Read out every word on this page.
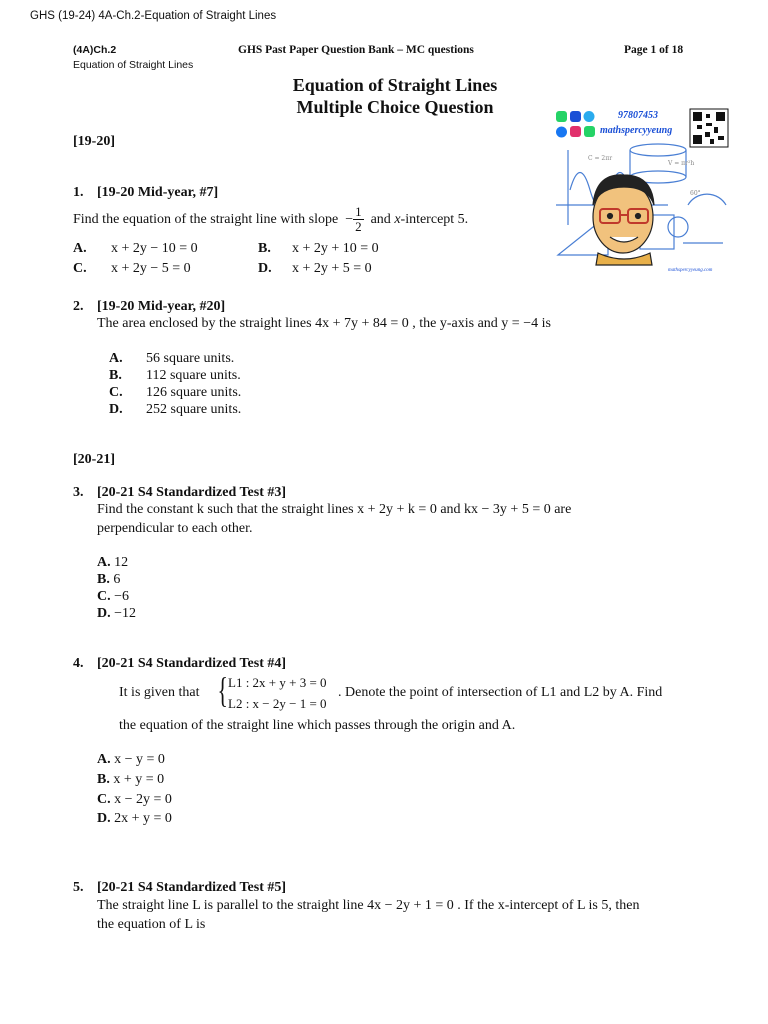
GHS (19-24) 4A-Ch.2-Equation of Straight Lines
(4A)Ch.2
Equation of Straight Lines
GHS Past Paper Question Bank – MC questions	Page 1 of 18
Equation of Straight Lines
Multiple Choice Question
C = 2πr
V = πr²h
60°
97807453
mathspercyyeung
mathspercyyeung.com
[19-20]
1. [19-20 Mid-year, #7]
Find the equation of the straight line with slope − $\frac{1}{2}$ and x-intercept 5.
A. x + 2y − 10 = 0	B. x + 2y + 10 = 0
C. x + 2y − 5 = 0	D. x + 2y + 5 = 0
2. [19-20 Mid-year, #20]
The area enclosed by the straight lines 4x + 7y + 84 = 0 , the y-axis and y = −4 is
A. 56 square units.
B. 112 square units.
C. 126 square units.
D. 252 square units.
[20-21]
3. [20-21 S4 Standardized Test #3]
Find the constant k such that the straight lines x + 2y + k = 0 and kx − 3y + 5 = 0 are
perpendicular to each other.
A. 12
B. 6
C. −6
D. −12
4. [20-21 S4 Standardized Test #4]
It is given that { L1 : 2x + y + 3 = 0
L2 : x − 2y − 1 = 0
. Denote the point of intersection of L1 and L2 by A. Find
the equation of the straight line which passes through the origin and A.
A. x − y = 0
B. x + y = 0
C. x − 2y = 0
D. 2x + y = 0
5. [20-21 S4 Standardized Test #5]
The straight line L is parallel to the straight line 4x − 2y + 1 = 0 . If the x-intercept of L is 5, then
the equation of L is
